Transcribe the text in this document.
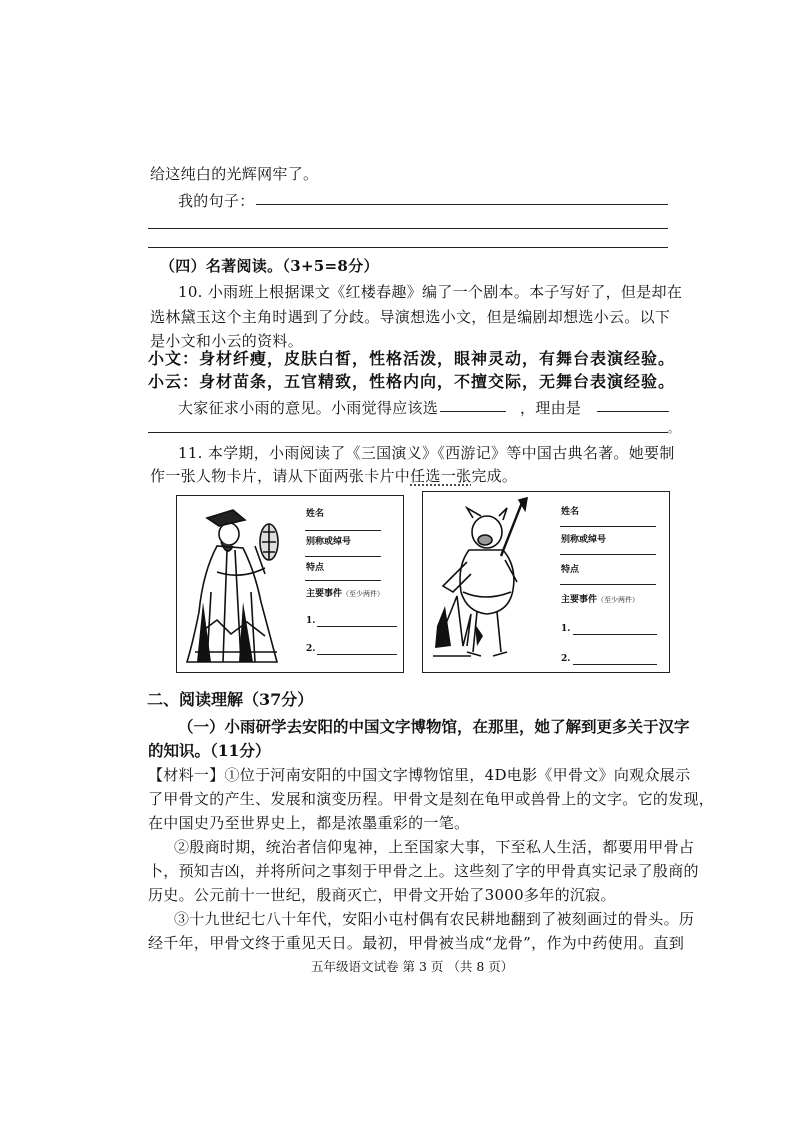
给这纯白的光辉网牢了。
我的句子：
（四）名著阅读。（3+5=8分）
10. 小雨班上根据课文《红楼春趣》编了一个剧本。本子写好了，但是却在
选林黛玉这个主角时遇到了分歧。导演想选小文，但是编剧却想选小云。以下
是小文和小云的资料。
小文：身材纤瘦，皮肤白皙，性格活泼，眼神灵动，有舞台表演经验。
小云：身材苗条，五官精致，性格内向，不擅交际，无舞台表演经验。
大家征求小雨的意见。小雨觉得应该选	，理由是
。
11. 本学期，小雨阅读了《三国演义》《西游记》等中国古典名著。她要制
作一张人物卡片，请从下面两张卡片中任选一张完成。
姓名
别称或绰号
特点
主要事件（至少两件）
1.
2.
姓名
别称或绰号
特点
主要事件（至少两件）
1.
2.
二、阅读理解（37分）
（一）小雨研学去安阳的中国文字博物馆，在那里，她了解到更多关于汉字
的知识。（11分）
【材料一】①位于河南安阳的中国文字博物馆里，4D电影《甲骨文》向观众展示
了甲骨文的产生、发展和演变历程。甲骨文是刻在龟甲或兽骨上的文字。它的发现，
在中国史乃至世界史上，都是浓墨重彩的一笔。
②殷商时期，统治者信仰鬼神，上至国家大事，下至私人生活，都要用甲骨占
卜，预知吉凶，并将所问之事刻于甲骨之上。这些刻了字的甲骨真实记录了殷商的
历史。公元前十一世纪，殷商灭亡，甲骨文开始了3000多年的沉寂。
③十九世纪七八十年代，安阳小屯村偶有农民耕地翻到了被刻画过的骨头。历
经千年，甲骨文终于重见天日。最初，甲骨被当成“龙骨”，作为中药使用。直到
五年级语文试卷 第 3 页 （共 8 页）
